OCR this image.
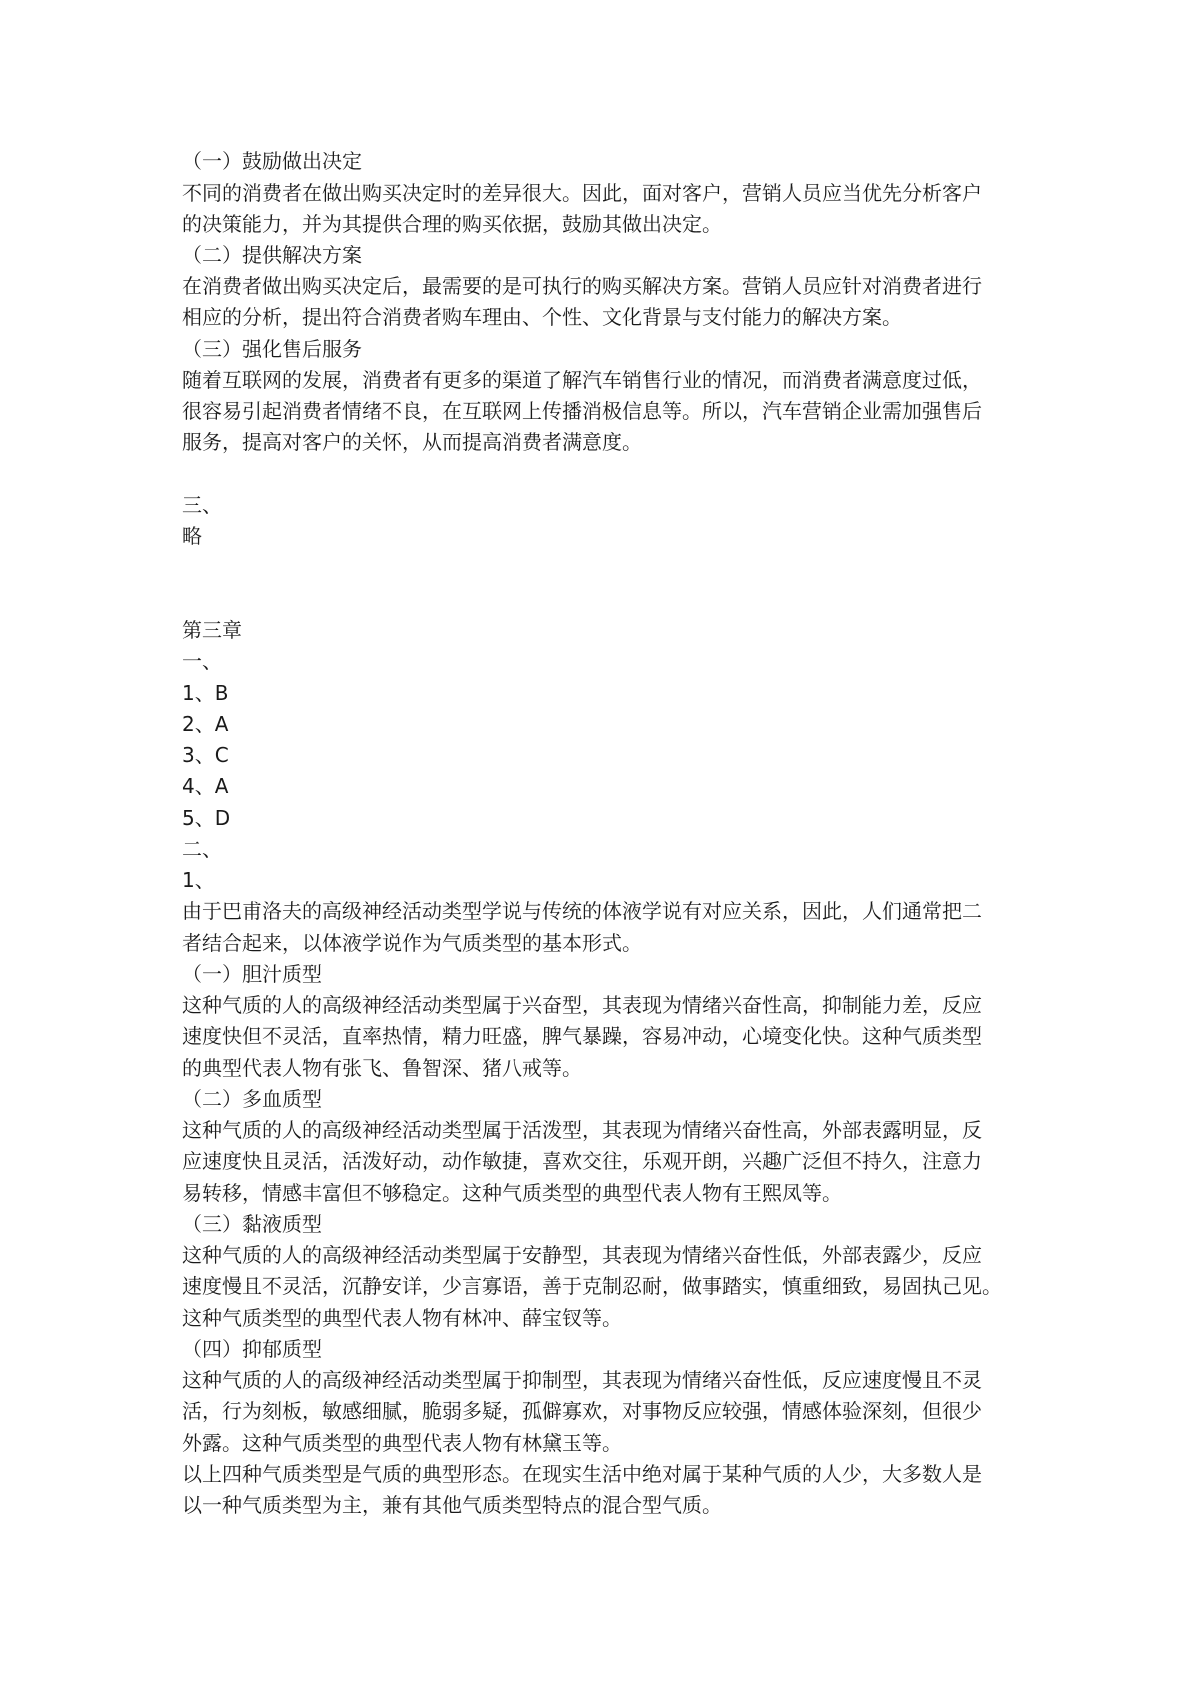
（一）鼓励做出决定
不同的消费者在做出购买决定时的差异很大。因此，面对客户，营销人员应当优先分析客户
的决策能力，并为其提供合理的购买依据，鼓励其做出决定。
（二）提供解决方案
在消费者做出购买决定后，最需要的是可执行的购买解决方案。营销人员应针对消费者进行
相应的分析，提出符合消费者购车理由、个性、文化背景与支付能力的解决方案。
（三）强化售后服务
随着互联网的发展，消费者有更多的渠道了解汽车销售行业的情况，而消费者满意度过低，
很容易引起消费者情绪不良，在互联网上传播消极信息等。所以，汽车营销企业需加强售后
服务，提高对客户的关怀，从而提高消费者满意度。
三、
略
第三章
一、
1、B
2、A
3、C
4、A
5、D
二、
1、
由于巴甫洛夫的高级神经活动类型学说与传统的体液学说有对应关系，因此，人们通常把二
者结合起来，以体液学说作为气质类型的基本形式。
（一）胆汁质型
这种气质的人的高级神经活动类型属于兴奋型，其表现为情绪兴奋性高，抑制能力差，反应
速度快但不灵活，直率热情，精力旺盛，脾气暴躁，容易冲动，心境变化快。这种气质类型
的典型代表人物有张飞、鲁智深、猪八戒等。
（二）多血质型
这种气质的人的高级神经活动类型属于活泼型，其表现为情绪兴奋性高，外部表露明显，反
应速度快且灵活，活泼好动，动作敏捷，喜欢交往，乐观开朗，兴趣广泛但不持久，注意力
易转移，情感丰富但不够稳定。这种气质类型的典型代表人物有王熙凤等。
（三）黏液质型
这种气质的人的高级神经活动类型属于安静型，其表现为情绪兴奋性低，外部表露少，反应
速度慢且不灵活，沉静安详，少言寡语，善于克制忍耐，做事踏实，慎重细致，易固执己见。
这种气质类型的典型代表人物有林冲、薛宝钗等。
（四）抑郁质型
这种气质的人的高级神经活动类型属于抑制型，其表现为情绪兴奋性低，反应速度慢且不灵
活，行为刻板，敏感细腻，脆弱多疑，孤僻寡欢，对事物反应较强，情感体验深刻，但很少
外露。这种气质类型的典型代表人物有林黛玉等。
以上四种气质类型是气质的典型形态。在现实生活中绝对属于某种气质的人少，大多数人是
以一种气质类型为主，兼有其他气质类型特点的混合型气质。
